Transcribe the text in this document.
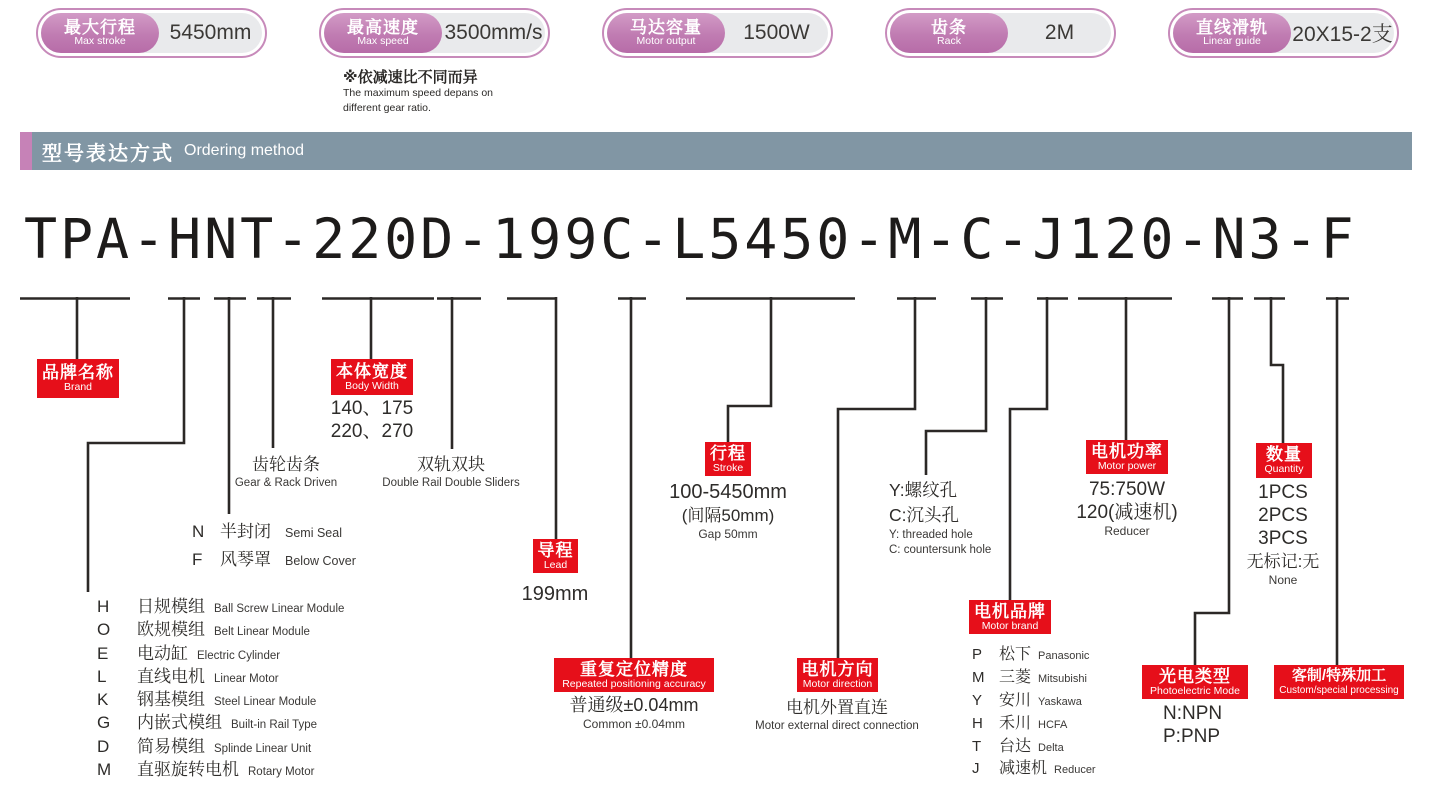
最大行程
Max stroke	5450mm	最高速度
Max speed 3500mm/s	马达容量
Motor output	1500W	齿条
Rack	2M	直线滑轨
Linear guide 20X15-2支
※依减速比不同而异
The maximum speed depans on
different gear ratio.
型号表达方式 Ordering method
TPA-HNT-220D-199C-L5450-M-C-J120-N3-F
品牌名称
Brand
H	日规模组 Ball Screw Linear Module
O	欧规模组 Belt Linear Module
E	电动缸 Electric Cylinder
L	直线电机 Linear Motor
K	钢基模组 Steel Linear Module
G	内嵌式模组 Built-in Rail Type
D	简易模组 Splinde Linear Unit
M	直驱旋转电机 Rotary Motor
N 半封闭 Semi Seal
F	风琴罩 Below Cover
齿轮齿条
Gear & Rack Driven
本体宽度
Body Width
140、175
220、270
双轨双块
Double Rail Double Sliders
导程
Lead
199mm
重复定位精度
Repeated positioning accuracy
普通级±0.04mm
Common ±0.04mm
行程
Stroke
100-5450mm
(间隔50mm)
Gap 50mm
电机方向
Motor direction
电机外置直连
Motor external direct connection
Y:螺纹孔
C:沉头孔
Y: threaded hole
C: countersunk hole
电机品牌
Motor brand
P	松下 Panasonic
M 三菱 Mitsubishi
Y	安川 Yaskawa
H	禾川 HCFA
T	台达 Delta
J	减速机 Reducer
电机功率
Motor power
75:750W
120(减速机)
Reducer
光电类型
Photoelectric Mode
N:NPN
P:PNP
数量
Quantity
1PCS
2PCS
3PCS
无标记:无
None
客制/特殊加工
Custom/special processing
